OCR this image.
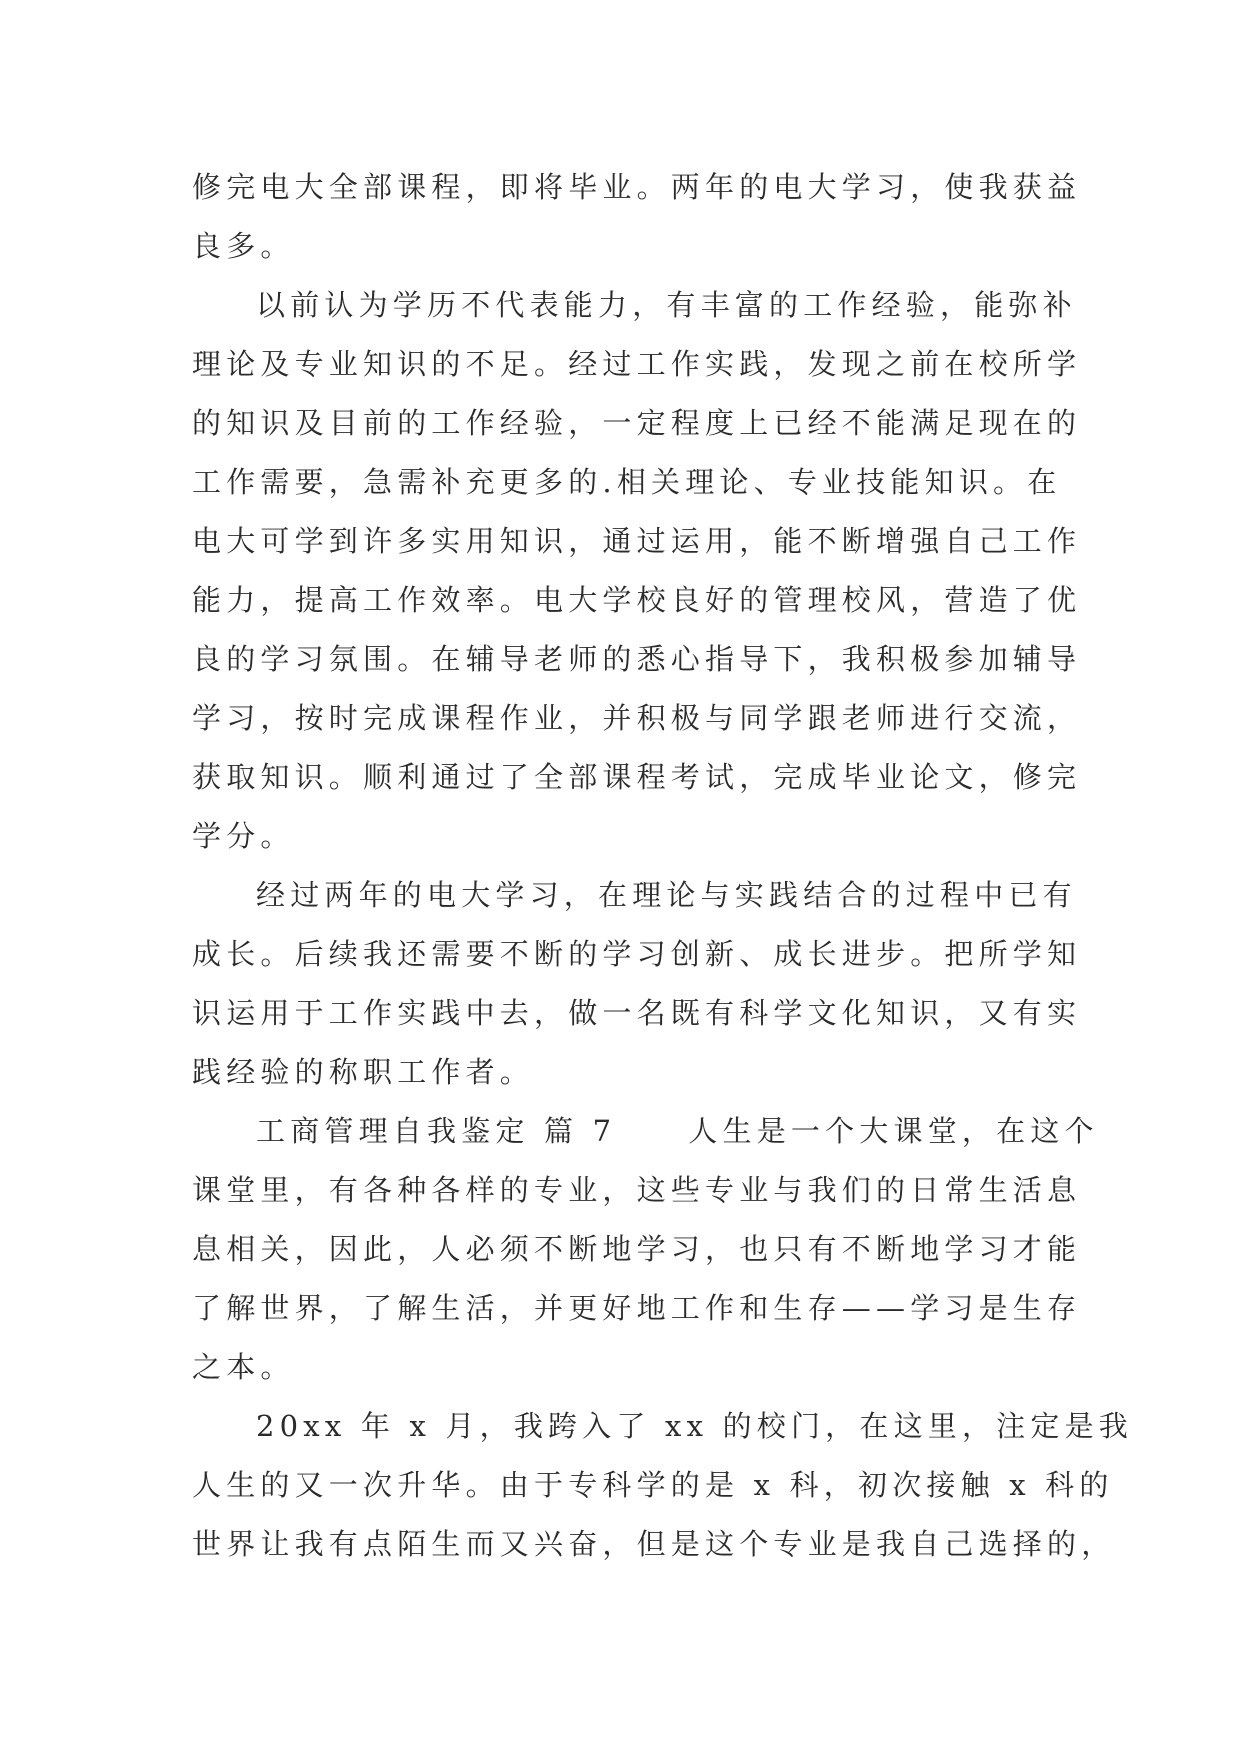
修完电大全部课程，即将毕业。两年的电大学习，使我获益
良多。
以前认为学历不代表能力，有丰富的工作经验，能弥补
理论及专业知识的不足。经过工作实践，发现之前在校所学
的知识及目前的工作经验，一定程度上已经不能满足现在的
工作需要，急需补充更多的.相关理论、专业技能知识。在
电大可学到许多实用知识，通过运用，能不断增强自己工作
能力，提高工作效率。电大学校良好的管理校风，营造了优
良的学习氛围。在辅导老师的悉心指导下，我积极参加辅导
学习，按时完成课程作业，并积极与同学跟老师进行交流，
获取知识。顺利通过了全部课程考试，完成毕业论文，修完
学分。
经过两年的电大学习，在理论与实践结合的过程中已有
成长。后续我还需要不断的学习创新、成长进步。把所学知
识运用于工作实践中去，做一名既有科学文化知识，又有实
践经验的称职工作者。
工商管理自我鉴定 篇 7 人生是一个大课堂，在这个
课堂里，有各种各样的专业，这些专业与我们的日常生活息
息相关，因此，人必须不断地学习，也只有不断地学习才能
了解世界，了解生活，并更好地工作和生存——学习是生存
之本。
20xx 年 x 月，我跨入了 xx 的校门，在这里，注定是我
人生的又一次升华。由于专科学的是 x 科，初次接触 x 科的
世界让我有点陌生而又兴奋，但是这个专业是我自己选择的，
